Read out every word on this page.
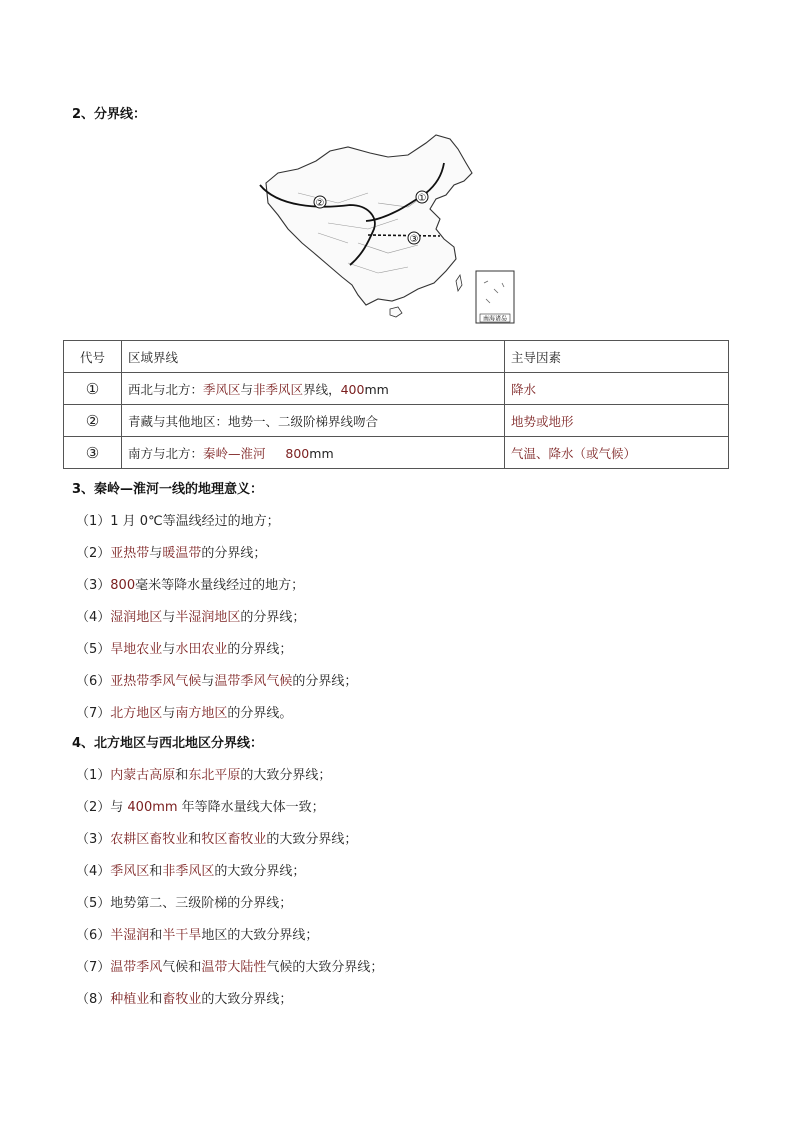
2、分界线：
①
②
③
南海诸岛
代号	区域界线	主导因素
①	西北与北方：季风区与非季风区界线，400mm	降水
②	青藏与其他地区：地势一、二级阶梯界线吻合	地势或地形
③	南方与北方：秦岭—淮河 800mm	气温、降水（或气候）
3、秦岭—淮河一线的地理意义：
（1）1 月 0℃等温线经过的地方；
（2）亚热带与暖温带的分界线；
（3）800毫米等降水量线经过的地方；
（4）湿润地区与半湿润地区的分界线；
（5）旱地农业与水田农业的分界线；
（6）亚热带季风气候与温带季风气候的分界线；
（7）北方地区与南方地区的分界线。
4、北方地区与西北地区分界线：
（1）内蒙古高原和东北平原的大致分界线；
（2）与 400mm 年等降水量线大体一致；
（3）农耕区畜牧业和牧区畜牧业的大致分界线；
（4）季风区和非季风区的大致分界线；
（5）地势第二、三级阶梯的分界线；
（6）半湿润和半干旱地区的大致分界线；
（7）温带季风气候和温带大陆性气候的大致分界线；
（8）种植业和畜牧业的大致分界线；
